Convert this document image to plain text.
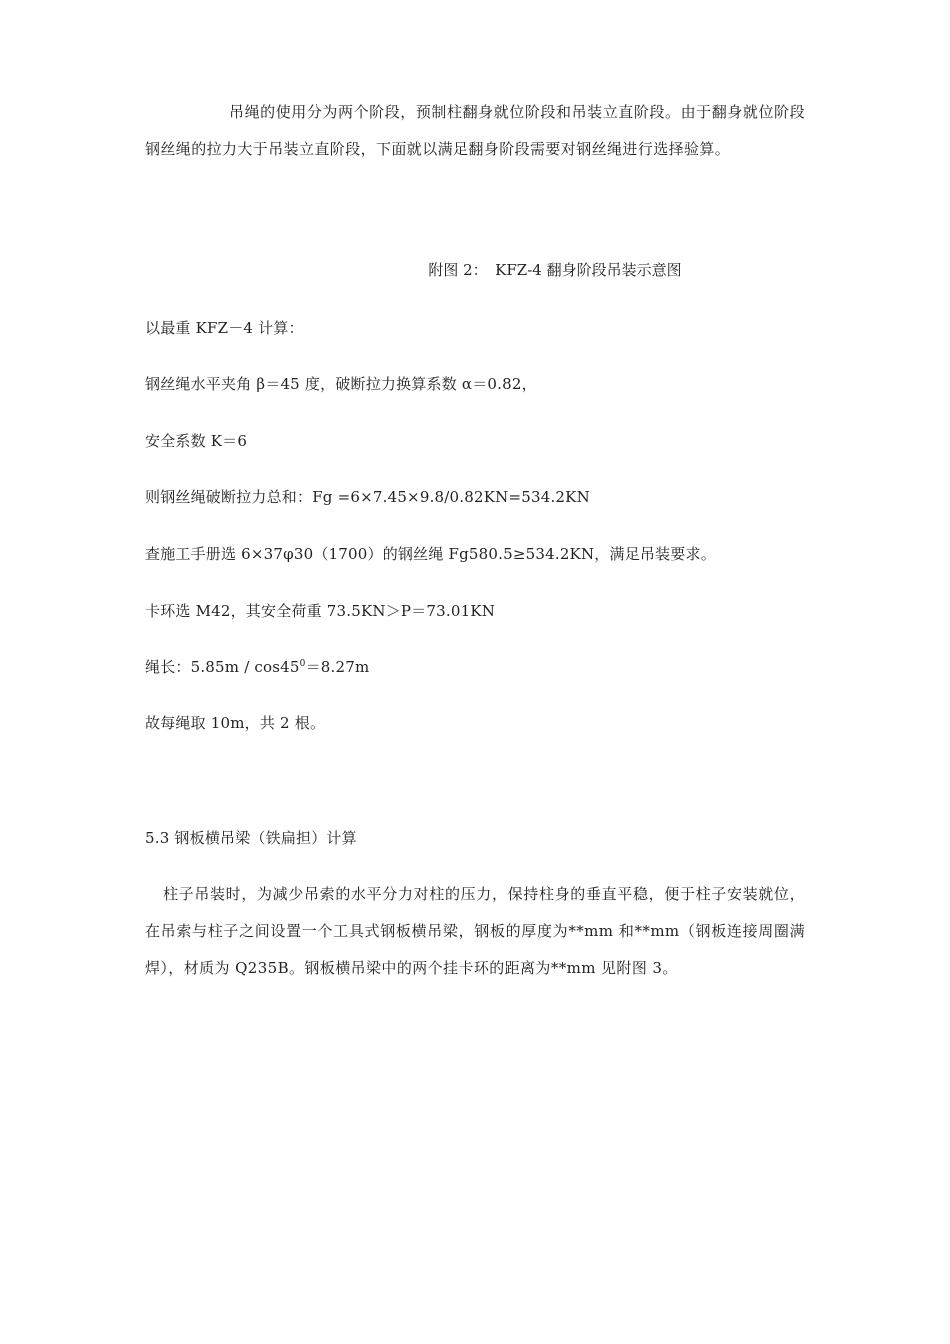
吊绳的使用分为两个阶段，预制柱翻身就位阶段和吊装立直阶段。由于翻身就位阶段钢丝绳的拉力大于吊装立直阶段，下面就以满足翻身阶段需要对钢丝绳进行选择验算。
附图 2：　KFZ-4 翻身阶段吊装示意图
以最重 KFZ－4 计算：
钢丝绳水平夹角 β＝45 度，破断拉力换算系数 α＝0.82，
安全系数 K＝6
则钢丝绳破断拉力总和：Fg =6×7.45×9.8/0.82KN=534.2KN
查施工手册选 6×37φ30（1700）的钢丝绳 Fg580.5≥534.2KN，满足吊装要求。
卡环选 M42，其安全荷重 73.5KN＞P＝73.01KN
绳长：$5.85m / \cos 45^0=8.27m$
故每绳取 10m，共 2 根。
5.3 钢板横吊梁（铁扁担）计算
柱子吊装时，为减少吊索的水平分力对柱的压力，保持柱身的垂直平稳，便于柱子安装就位，在吊索与柱子之间设置一个工具式钢板横吊梁，钢板的厚度为**mm 和**mm（钢板连接周圈满焊），材质为 Q235B。钢板横吊梁中的两个挂卡环的距离为**mm 见附图 3。
